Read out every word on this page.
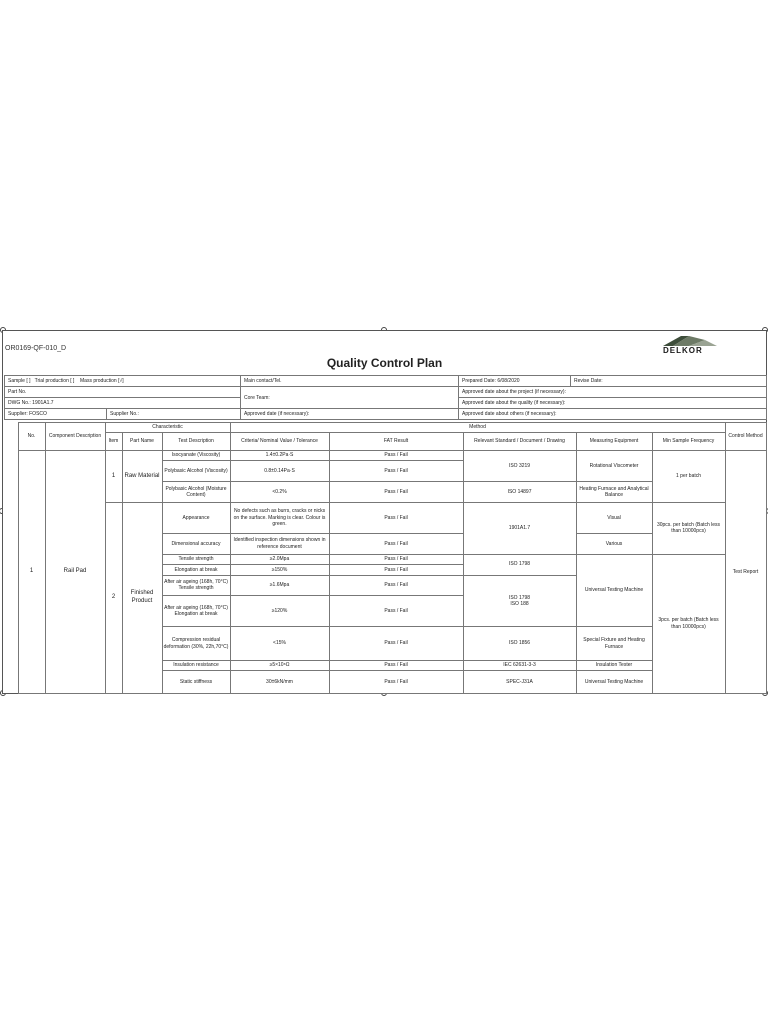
OR0169-QF-010_D	DELKOR
Quality Control Plan
Sample [ ] Trial production [ ] Mass production [√]		Main contact/Tel.	Prepared Date: 6/08/2020	Revise Date:
Part No.		Core Team:	Approved date about the project (if necessary):	
DWG No.: 1901A1.7			Approved date about the quality (if necessary):	
Supplier: FOSCO	Supplier No.:	Approved date (if necessary):	Approved date about others (if necessary):	
	No.	Component Description	Characteristic			Method					Control Method
			Item	Part Name	Test Description	Criteria/ Nominal Value / Tolerance	FAT Result	Relevant Standard / Document / Drawing	Measuring Equipment	Min Sample Frequency	
	1	Rail Pad	1	Raw Material	Isocyanate (Viscosity)	1.4±0.2Pa·S	Pass / Fail	ISO 3219	Rotational Viscometer	1 per batch	Test Report
					Polybasic Alcohol (Viscosity)	0.8±0.14Pa·S	Pass / Fail				
					Polybasic Alcohol (Moisture Content)	<0.2%	Pass / Fail	ISO 14897	Heating Furnace and Analytical Balance		
			2	Finished Product	Appearance	No defects such as burrs, cracks or nicks on the surface. Marking is clear. Colour is green.	Pass / Fail	1901A1.7	Visual	30pcs. per batch (Batch less than 10000pcs)	
					Dimensional accuracy	Identified inspection dimensions shown in reference document	Pass / Fail		Various		
					Tensile strength	≥2.0Mpa	Pass / Fail	ISO 1798	Universal Testing Machine	3pcs. per batch (Batch less than 10000pcs)	
					Elongation at break	≥150%	Pass / Fail				
					After air ageing (168h, 70°C) Tensile strength	≥1.6Mpa	Pass / Fail	ISO 1798
ISO 188			
					After air ageing (168h, 70°C) Elongation at break	≥120%	Pass / Fail				
					Compression residual deformation (30%, 22h,70°C)	<15%	Pass / Fail	ISO 1856	Special Fixture and Heating Furnace		
					Insulation resistance	≥5×10⁸Ω	Pass / Fail	IEC 62631-3-3	Insulation Tester		
					Static stiffness	30±6kN/mm	Pass / Fail	SPEC-J31A	Universal Testing Machine		
